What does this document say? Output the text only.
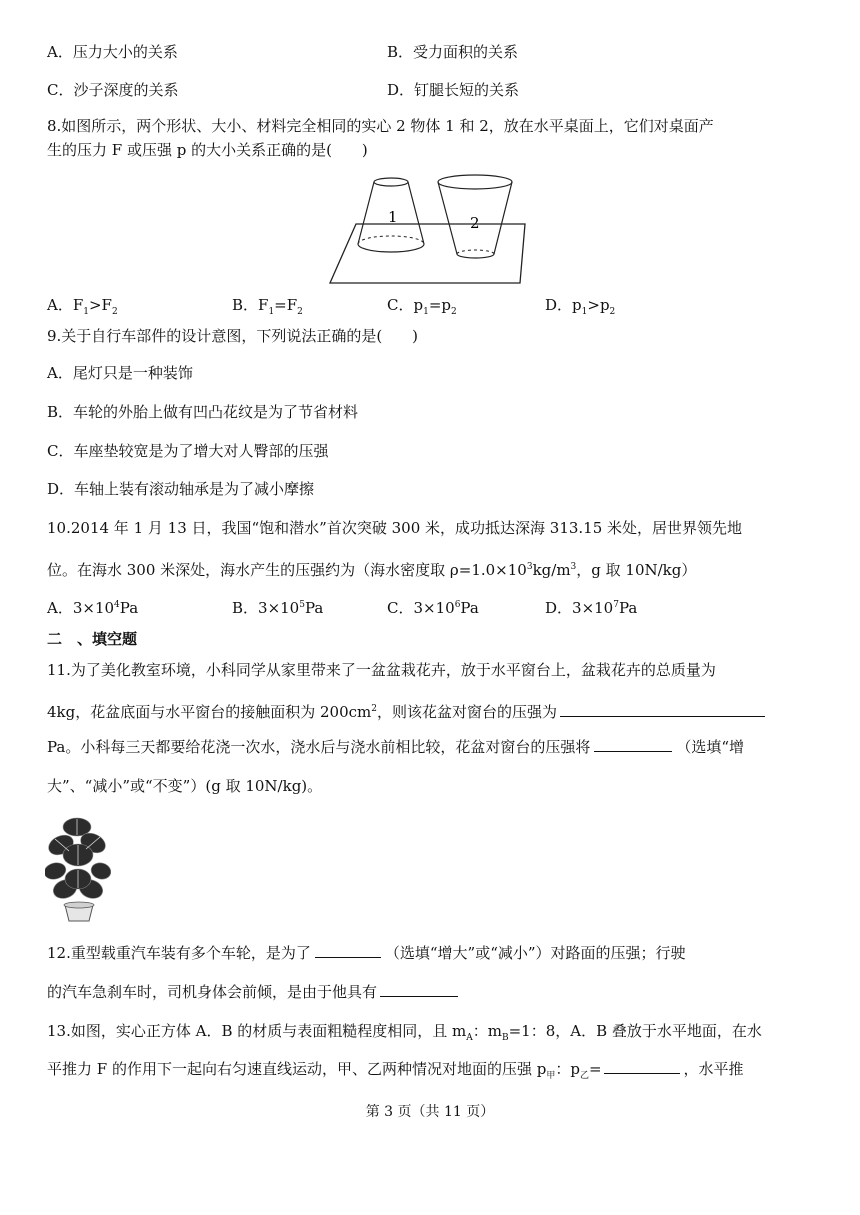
A．压力大小的关系	B．受力面积的关系
C．沙子深度的关系	D．钉腿长短的关系
8.如图所示，两个形状、大小、材料完全相同的实心 2 物体 1 和 2，放在水平桌面上，它们对桌面产
生的压力 F 或压强 p 的大小关系正确的是(　　)
1	2
A．$F_1>F_2$	B．$F_1=F_2$	C．$p_1=p_2$	D．$p_1>p_2$
9.关于自行车部件的设计意图，下列说法正确的是(　　)
A．尾灯只是一种装饰
B．车轮的外胎上做有凹凸花纹是为了节省材料
C．车座垫较宽是为了增大对人臀部的压强
D．车轴上装有滚动轴承是为了减小摩擦
10.2014 年 1 月 13 日，我国“饱和潜水”首次突破 300 米，成功抵达深海 313.15 米处，居世界领先地
位。在海水 300 米深处，海水产生的压强约为（海水密度取 $\rho=1.0\times 10^3kg/m^3$，g 取 10N/kg）
A．$3\times 10^4Pa$	B．$3\times 10^5Pa$	C．$3\times 10^6Pa$	D．$3\times 10^7Pa$
二　、填空题
11.为了美化教室环境，小科同学从家里带来了一盆盆栽花卉，放于水平窗台上，盆栽花卉的总质量为
4kg，花盆底面与水平窗台的接触面积为 $200cm^2$，则该花盆对窗台的压强为
Pa。小科每三天都要给花浇一次水，浇水后与浇水前相比较，花盆对窗台的压强将	（选填“增
大”、“减小”或“不变”）(g 取 10N/kg)。
12.重型载重汽车装有多个车轮，是为了	（选填“增大”或“减小”）对路面的压强；行驶
的汽车急刹车时，司机身体会前倾，是由于他具有
13.如图，实心正方体 A．B 的材质与表面粗糙程度相同，且 $m_A$：$m_B=1$：8，A．B 叠放于水平地面，在水
平推力 F 的作用下一起向右匀速直线运动，甲、乙两种情况对地面的压强 $p_甲$：$p_乙=$	，水平推
第 3 页（共 11 页）
